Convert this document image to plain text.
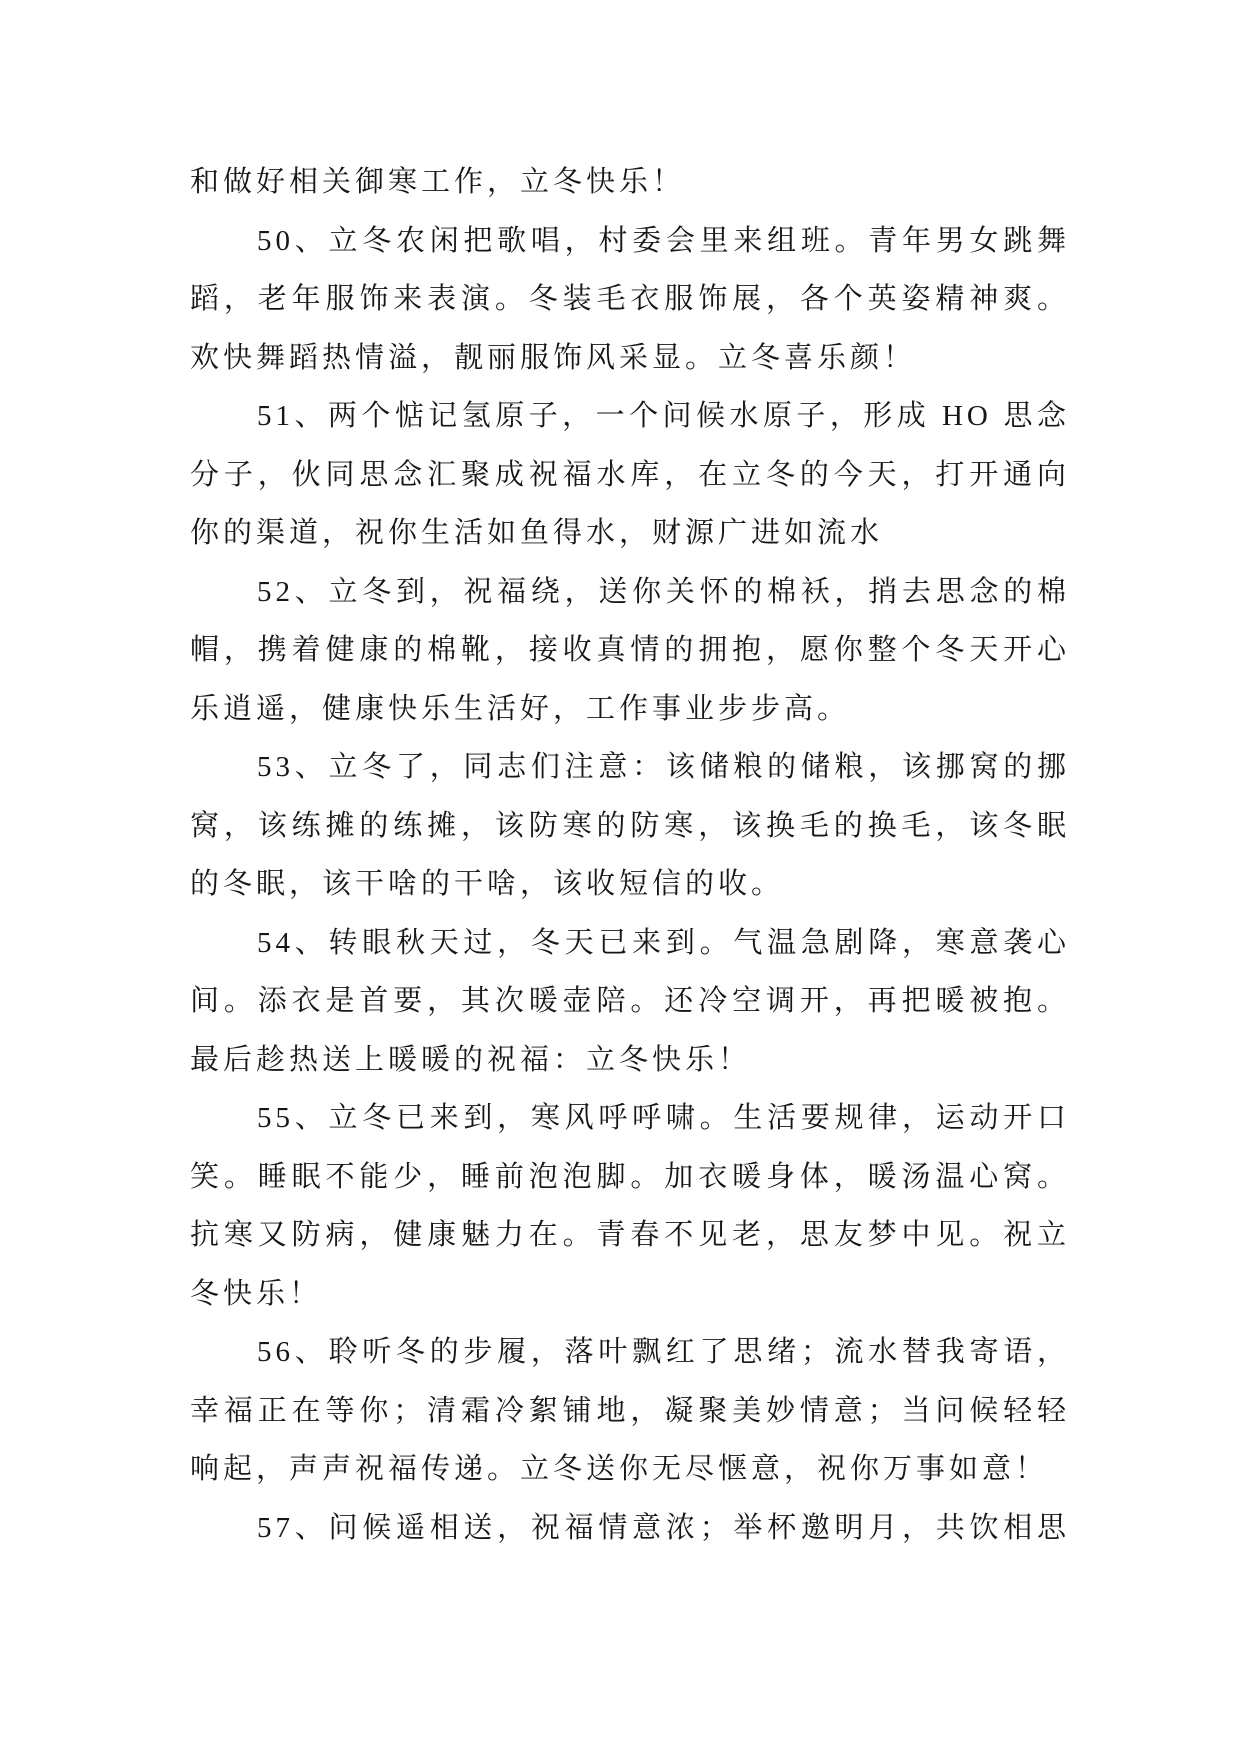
和做好相关御寒工作，立冬快乐！
50、立冬农闲把歌唱，村委会里来组班。青年男女跳舞
蹈，老年服饰来表演。冬装毛衣服饰展，各个英姿精神爽。
欢快舞蹈热情溢，靓丽服饰风采显。立冬喜乐颜！
51、两个惦记氢原子，一个问候水原子，形成 HO 思念
分子，伙同思念汇聚成祝福水库，在立冬的今天，打开通向
你的渠道，祝你生活如鱼得水，财源广进如流水
52、立冬到，祝福绕，送你关怀的棉袄，捎去思念的棉
帽，携着健康的棉靴，接收真情的拥抱，愿你整个冬天开心
乐逍遥，健康快乐生活好，工作事业步步高。
53、立冬了，同志们注意：该储粮的储粮，该挪窝的挪
窝，该练摊的练摊，该防寒的防寒，该换毛的换毛，该冬眠
的冬眠，该干啥的干啥，该收短信的收。
54、转眼秋天过，冬天已来到。气温急剧降，寒意袭心
间。添衣是首要，其次暖壶陪。还冷空调开，再把暖被抱。
最后趁热送上暖暖的祝福：立冬快乐！
55、立冬已来到，寒风呼呼啸。生活要规律，运动开口
笑。睡眠不能少，睡前泡泡脚。加衣暖身体，暖汤温心窝。
抗寒又防病，健康魅力在。青春不见老，思友梦中见。祝立
冬快乐！
56、聆听冬的步履，落叶飘红了思绪；流水替我寄语，
幸福正在等你；清霜冷絮铺地，凝聚美妙情意；当问候轻轻
响起，声声祝福传递。立冬送你无尽惬意，祝你万事如意！
57、问候遥相送，祝福情意浓；举杯邀明月，共饮相思
